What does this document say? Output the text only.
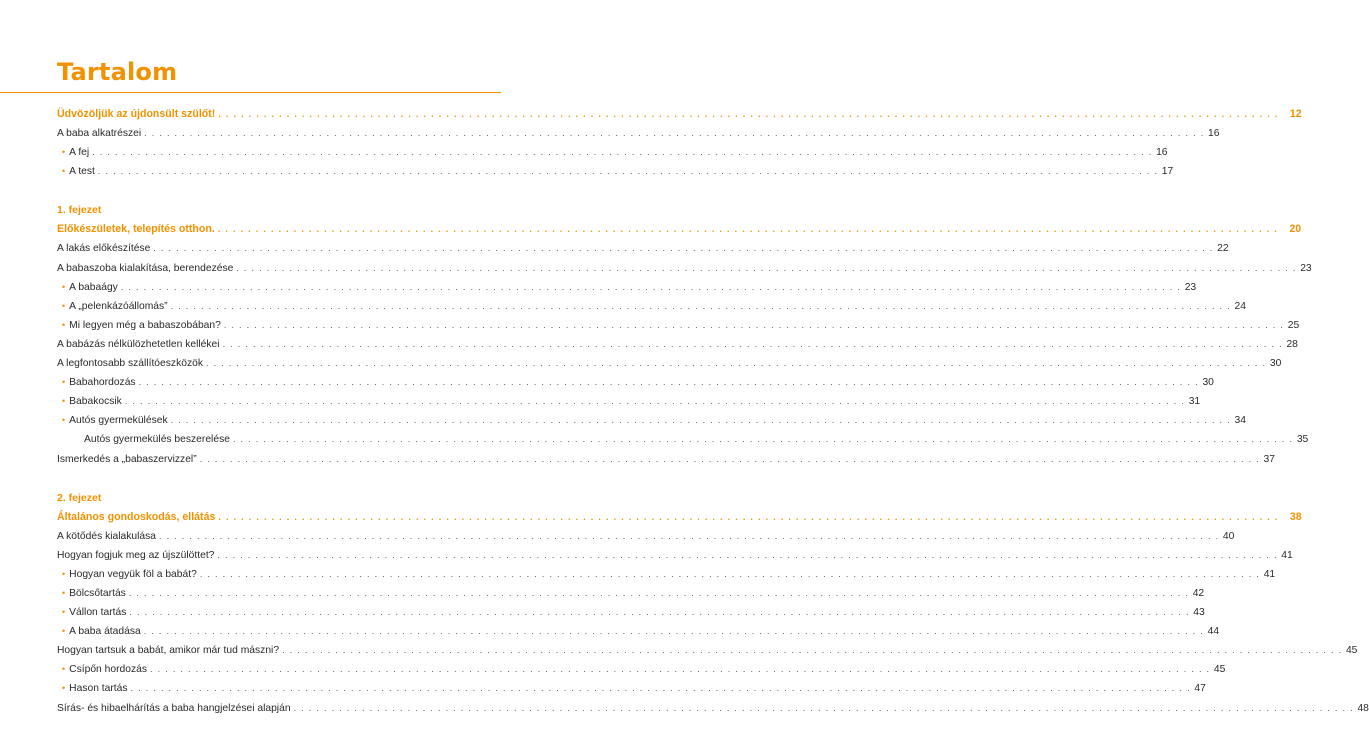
Tartalom
Üdvözöljük az újdonsült szülőt! . . . . . . . . . . . . . . . . . . . . . . . . . . . . . . . . . . . . . . . . . . . . . . . . . . . . . . . . . . . . . . . . . . . . . . . . . . . . . . . . . . . . . . . . . . . . . . . . . . . . . . . . . . . . . . . . . . . . . . . . . . . . . . . . . . . . . . . . . . . .	12
A baba alkatrészei . . . . . . . . . . . . . . . . . . . . . . . . . . . . . . . . . . . . . . . . . . . . . . . . . . . . . . . . . . . . . . . . . . . . . . . . . . . . . . . . . . . . . . . . . . . . . . . . . . . . . . . . . . . . . . . . . . . . . . . . . . . . . . . . . . . . . . . . . . . . 16
• A fej . . . . . . . . . . . . . . . . . . . . . . . . . . . . . . . . . . . . . . . . . . . . . . . . . . . . . . . . . . . . . . . . . . . . . . . . . . . . . . . . . . . . . . . . . . . . . . . . . . . . . . . . . . . . . . . . . . . . . . . . . . . . . . . . . . . . . . . . . . . . 16
• A test . . . . . . . . . . . . . . . . . . . . . . . . . . . . . . . . . . . . . . . . . . . . . . . . . . . . . . . . . . . . . . . . . . . . . . . . . . . . . . . . . . . . . . . . . . . . . . . . . . . . . . . . . . . . . . . . . . . . . . . . . . . . . . . . . . . . . . . . . . . . 17
1. fejezet
Előkészületek, telepítés otthon. . . . . . . . . . . . . . . . . . . . . . . . . . . . . . . . . . . . . . . . . . . . . . . . . . . . . . . . . . . . . . . . . . . . . . . . . . . . . . . . . . . . . . . . . . . . . . . . . . . . . . . . . . . . . . . . . . . . . . . . . . . . . . . . . . . . . . . . . . . . .	20
A lakás előkészítése . . . . . . . . . . . . . . . . . . . . . . . . . . . . . . . . . . . . . . . . . . . . . . . . . . . . . . . . . . . . . . . . . . . . . . . . . . . . . . . . . . . . . . . . . . . . . . . . . . . . . . . . . . . . . . . . . . . . . . . . . . . . . . . . . . . . . . . . . . . . 22
A babaszoba kialakítása, berendezése . . . . . . . . . . . . . . . . . . . . . . . . . . . . . . . . . . . . . . . . . . . . . . . . . . . . . . . . . . . . . . . . . . . . . . . . . . . . . . . . . . . . . . . . . . . . . . . . . . . . . . . . . . . . . . . . . . . . . . . . . . . . . . . . . . . . . . . . . . . . 23
• A babaágy . . . . . . . . . . . . . . . . . . . . . . . . . . . . . . . . . . . . . . . . . . . . . . . . . . . . . . . . . . . . . . . . . . . . . . . . . . . . . . . . . . . . . . . . . . . . . . . . . . . . . . . . . . . . . . . . . . . . . . . . . . . . . . . . . . . . . . . . . . . . 23
• A „pelenkázóállomás” . . . . . . . . . . . . . . . . . . . . . . . . . . . . . . . . . . . . . . . . . . . . . . . . . . . . . . . . . . . . . . . . . . . . . . . . . . . . . . . . . . . . . . . . . . . . . . . . . . . . . . . . . . . . . . . . . . . . . . . . . . . . . . . . . . . . . . . . . . . . 24
• Mi legyen még a babaszobában? . . . . . . . . . . . . . . . . . . . . . . . . . . . . . . . . . . . . . . . . . . . . . . . . . . . . . . . . . . . . . . . . . . . . . . . . . . . . . . . . . . . . . . . . . . . . . . . . . . . . . . . . . . . . . . . . . . . . . . . . . . . . . . . . . . . . . . . . . . . . 25
A babázás nélkülözhetetlen kellékei . . . . . . . . . . . . . . . . . . . . . . . . . . . . . . . . . . . . . . . . . . . . . . . . . . . . . . . . . . . . . . . . . . . . . . . . . . . . . . . . . . . . . . . . . . . . . . . . . . . . . . . . . . . . . . . . . . . . . . . . . . . . . . . . . . . . . . . . . . . . 28
A legfontosabb szállítóeszközök . . . . . . . . . . . . . . . . . . . . . . . . . . . . . . . . . . . . . . . . . . . . . . . . . . . . . . . . . . . . . . . . . . . . . . . . . . . . . . . . . . . . . . . . . . . . . . . . . . . . . . . . . . . . . . . . . . . . . . . . . . . . . . . . . . . . . . . . . . . . 30
• Babahordozás . . . . . . . . . . . . . . . . . . . . . . . . . . . . . . . . . . . . . . . . . . . . . . . . . . . . . . . . . . . . . . . . . . . . . . . . . . . . . . . . . . . . . . . . . . . . . . . . . . . . . . . . . . . . . . . . . . . . . . . . . . . . . . . . . . . . . . . . . . . . 30
• Babakocsik . . . . . . . . . . . . . . . . . . . . . . . . . . . . . . . . . . . . . . . . . . . . . . . . . . . . . . . . . . . . . . . . . . . . . . . . . . . . . . . . . . . . . . . . . . . . . . . . . . . . . . . . . . . . . . . . . . . . . . . . . . . . . . . . . . . . . . . . . . . . 31
• Autós gyermekülések . . . . . . . . . . . . . . . . . . . . . . . . . . . . . . . . . . . . . . . . . . . . . . . . . . . . . . . . . . . . . . . . . . . . . . . . . . . . . . . . . . . . . . . . . . . . . . . . . . . . . . . . . . . . . . . . . . . . . . . . . . . . . . . . . . . . . . . . . . . . 34
Autós gyermekülés beszerelése . . . . . . . . . . . . . . . . . . . . . . . . . . . . . . . . . . . . . . . . . . . . . . . . . . . . . . . . . . . . . . . . . . . . . . . . . . . . . . . . . . . . . . . . . . . . . . . . . . . . . . . . . . . . . . . . . . . . . . . . . . . . . . . . . . . . . . . . . . . . 35
Ismerkedés a „babaszervizzel” . . . . . . . . . . . . . . . . . . . . . . . . . . . . . . . . . . . . . . . . . . . . . . . . . . . . . . . . . . . . . . . . . . . . . . . . . . . . . . . . . . . . . . . . . . . . . . . . . . . . . . . . . . . . . . . . . . . . . . . . . . . . . . . . . . . . . . . . . . . . 37
2. fejezet
Általános gondoskodás, ellátás . . . . . . . . . . . . . . . . . . . . . . . . . . . . . . . . . . . . . . . . . . . . . . . . . . . . . . . . . . . . . . . . . . . . . . . . . . . . . . . . . . . . . . . . . . . . . . . . . . . . . . . . . . . . . . . . . . . . . . . . . . . . . . . . . . . . . . . . . . . .	38
A kötődés kialakulása . . . . . . . . . . . . . . . . . . . . . . . . . . . . . . . . . . . . . . . . . . . . . . . . . . . . . . . . . . . . . . . . . . . . . . . . . . . . . . . . . . . . . . . . . . . . . . . . . . . . . . . . . . . . . . . . . . . . . . . . . . . . . . . . . . . . . . . . . . . . 40
Hogyan fogjuk meg az újszülöttet? . . . . . . . . . . . . . . . . . . . . . . . . . . . . . . . . . . . . . . . . . . . . . . . . . . . . . . . . . . . . . . . . . . . . . . . . . . . . . . . . . . . . . . . . . . . . . . . . . . . . . . . . . . . . . . . . . . . . . . . . . . . . . . . . . . . . . . . . . . . . 41
• Hogyan vegyük föl a babát? . . . . . . . . . . . . . . . . . . . . . . . . . . . . . . . . . . . . . . . . . . . . . . . . . . . . . . . . . . . . . . . . . . . . . . . . . . . . . . . . . . . . . . . . . . . . . . . . . . . . . . . . . . . . . . . . . . . . . . . . . . . . . . . . . . . . . . . . . . . . 41
• Bölcsőtartás . . . . . . . . . . . . . . . . . . . . . . . . . . . . . . . . . . . . . . . . . . . . . . . . . . . . . . . . . . . . . . . . . . . . . . . . . . . . . . . . . . . . . . . . . . . . . . . . . . . . . . . . . . . . . . . . . . . . . . . . . . . . . . . . . . . . . . . . . . . . 42
• Vállon tartás . . . . . . . . . . . . . . . . . . . . . . . . . . . . . . . . . . . . . . . . . . . . . . . . . . . . . . . . . . . . . . . . . . . . . . . . . . . . . . . . . . . . . . . . . . . . . . . . . . . . . . . . . . . . . . . . . . . . . . . . . . . . . . . . . . . . . . . . . . . . 43
• A baba átadása . . . . . . . . . . . . . . . . . . . . . . . . . . . . . . . . . . . . . . . . . . . . . . . . . . . . . . . . . . . . . . . . . . . . . . . . . . . . . . . . . . . . . . . . . . . . . . . . . . . . . . . . . . . . . . . . . . . . . . . . . . . . . . . . . . . . . . . . . . . . 44
Hogyan tartsuk a babát, amikor már tud mászni? . . . . . . . . . . . . . . . . . . . . . . . . . . . . . . . . . . . . . . . . . . . . . . . . . . . . . . . . . . . . . . . . . . . . . . . . . . . . . . . . . . . . . . . . . . . . . . . . . . . . . . . . . . . . . . . . . . . . . . . . . . . . . . . . . . . . . . . . . . . . 45
• Csípőn hordozás . . . . . . . . . . . . . . . . . . . . . . . . . . . . . . . . . . . . . . . . . . . . . . . . . . . . . . . . . . . . . . . . . . . . . . . . . . . . . . . . . . . . . . . . . . . . . . . . . . . . . . . . . . . . . . . . . . . . . . . . . . . . . . . . . . . . . . . . . . . . 45
• Hason tartás . . . . . . . . . . . . . . . . . . . . . . . . . . . . . . . . . . . . . . . . . . . . . . . . . . . . . . . . . . . . . . . . . . . . . . . . . . . . . . . . . . . . . . . . . . . . . . . . . . . . . . . . . . . . . . . . . . . . . . . . . . . . . . . . . . . . . . . . . . . . 47
Sírás- és hibaelhárítás a baba hangjelzései alapján . . . . . . . . . . . . . . . . . . . . . . . . . . . . . . . . . . . . . . . . . . . . . . . . . . . . . . . . . . . . . . . . . . . . . . . . . . . . . . . . . . . . . . . . . . . . . . . . . . . . . . . . . . . . . . . . . . . . . . . . . . . . . . . . . . . . . . . . . . . . 48
